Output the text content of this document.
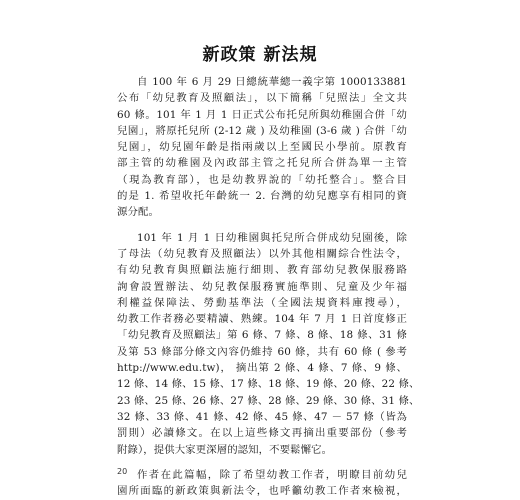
新政策 新法規
自 100 年 6 月 29 日總統華總一義字第 1000133881
公布「幼兒教育及照顧法」，以下簡稱「兒照法」全文共
60 條。101 年 1 月 1 日正式公布托兒所與幼稚園合併「幼
兒園」，將原托兒所 (2-12 歲 ) 及幼稚園 (3-6 歲 ) 合併「幼
兒園」，幼兒園年齡是指兩歲以上至國民小學前。原教育
部主管的幼稚園及內政部主管之托兒所合併為單一主管
（現為教育部），也是幼教界說的「幼托整合」。整合目
的是 1. 希望收托年齡統一 2. 台灣的幼兒應享有相同的資
源分配。
101 年 1 月 1 日幼稚園與托兒所合併成幼兒園後，除
了母法（幼兒教育及照顧法）以外其他相關綜合性法令，
有幼兒教育與照顧法施行細則、教育部幼兒教保服務路
詢會設置辦法、幼兒教保服務實施準則、兒童及少年福
利權益保障法、勞動基準法（全國法規資料庫搜尋），
幼教工作者務必要精讀、熟練。104 年 7 月 1 日首度修正
「幼兒教育及照顧法」第 6 條、7 條、8 條、18 條、31 條
及第 53 條部分條文內容仍維持 60 條，共有 60 條 ( 參考
http://www.edu.tw)， 摘出第 2 條、4 條、7 條、9 條、
12 條、14 條、15 條、17 條、18 條、19 條、20 條、22 條、
23 條、25 條、26 條、27 條、28 條、29 條、30 條、31 條、
32 條、33 條、41 條、42 條、45 條、47 － 57 條（皆為
罰則）必讀條文。在以上這些條文再摘出重要部份（參考
附錄），提供大家更深層的認知，不要鬆懈它。
作者在此篇幅，除了希望幼教工作者，明瞭目前幼兒
園所面臨的新政策與新法令，也呼籲幼教工作者來檢視，
20
